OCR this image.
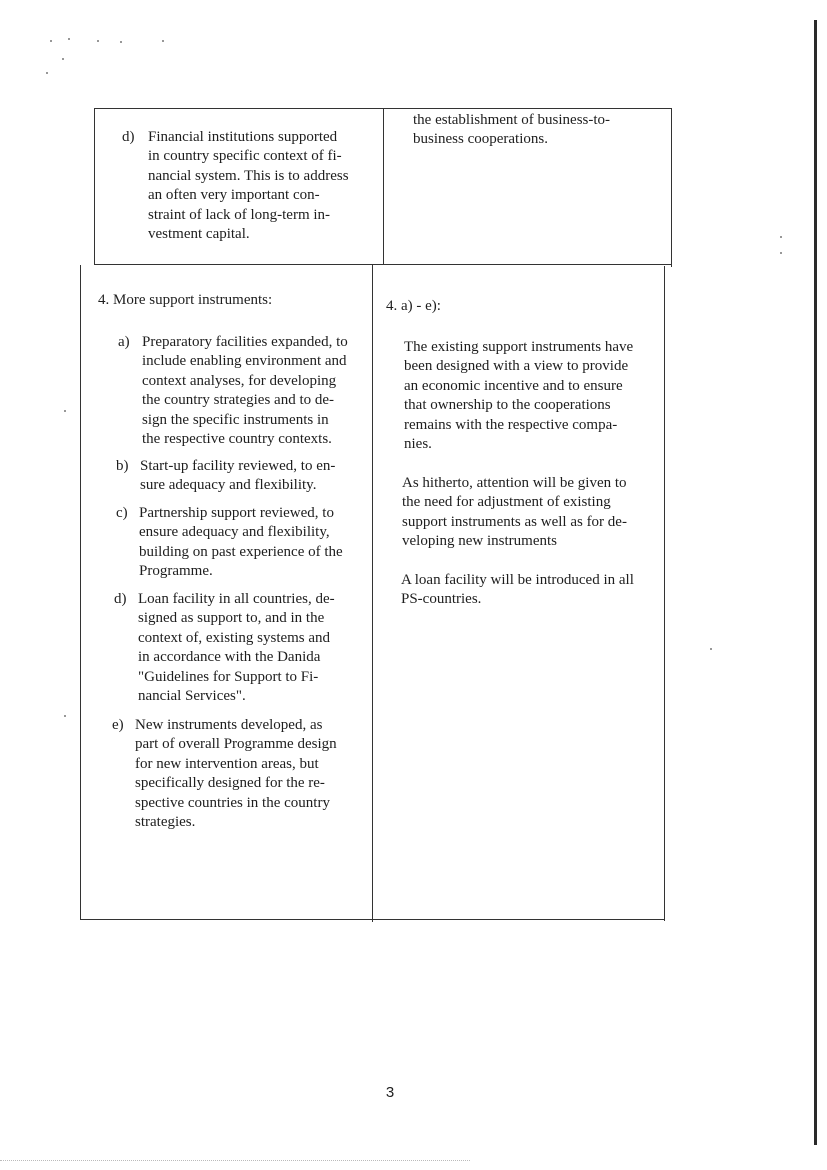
d) Financial institutions supported
in country specific context of fi-
nancial system. This is to address
an often very important con-
straint of lack of long-term in-
vestment capital.
the establishment of business-to-
business cooperations.
4. More support instruments:
a) Preparatory facilities expanded, to
include enabling environment and
context analyses, for developing
the country strategies and to de-
sign the specific instruments in
the respective country contexts.
b) Start-up facility reviewed, to en-
sure adequacy and flexibility.
c) Partnership support reviewed, to
ensure adequacy and flexibility,
building on past experience of the
Programme.
d) Loan facility in all countries, de-
signed as support to, and in the
context of, existing systems and
in accordance with the Danida
"Guidelines for Support to Fi-
nancial Services".
e) New instruments developed, as
part of overall Programme design
for new intervention areas, but
specifically designed for the re-
spective countries in the country
strategies.
4. a) - e):
The existing support instruments have
been designed with a view to provide
an economic incentive and to ensure
that ownership to the cooperations
remains with the respective compa-
nies.
As hitherto, attention will be given to
the need for adjustment of existing
support instruments as well as for de-
veloping new instruments
A loan facility will be introduced in all
PS-countries.
3
